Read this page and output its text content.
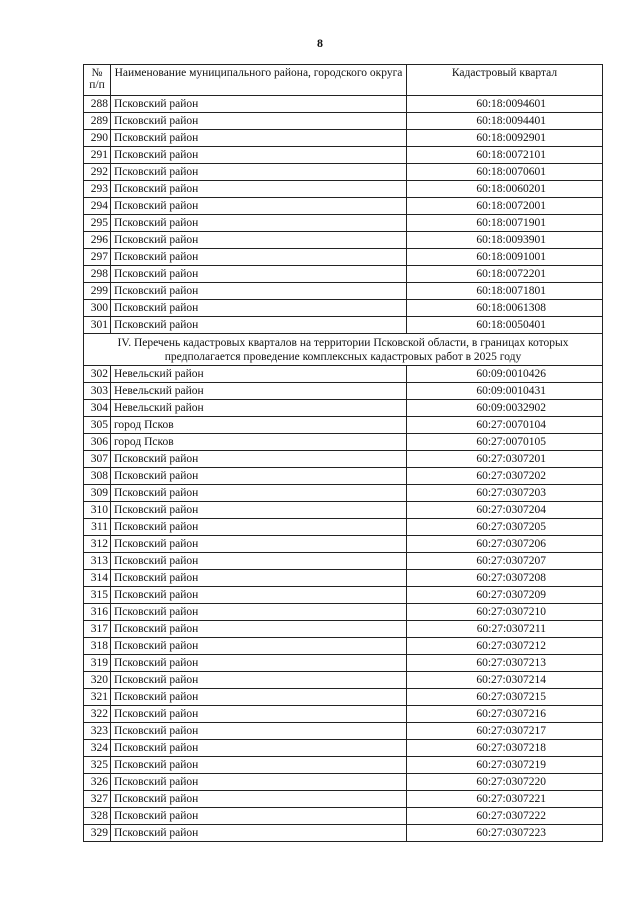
8
№ п/п	Наименование муниципального района, городского округа	Кадастровый квартал
288	Псковский район	60:18:0094601
289	Псковский район	60:18:0094401
290	Псковский район	60:18:0092901
291	Псковский район	60:18:0072101
292	Псковский район	60:18:0070601
293	Псковский район	60:18:0060201
294	Псковский район	60:18:0072001
295	Псковский район	60:18:0071901
296	Псковский район	60:18:0093901
297	Псковский район	60:18:0091001
298	Псковский район	60:18:0072201
299	Псковский район	60:18:0071801
300	Псковский район	60:18:0061308
301	Псковский район	60:18:0050401
IV. Перечень кадастровых кварталов на территории Псковской области, в границах которых предполагается проведение комплексных кадастровых работ в 2025 году		
302	Невельский район	60:09:0010426
303	Невельский район	60:09:0010431
304	Невельский район	60:09:0032902
305	город Псков	60:27:0070104
306	город Псков	60:27:0070105
307	Псковский район	60:27:0307201
308	Псковский район	60:27:0307202
309	Псковский район	60:27:0307203
310	Псковский район	60:27:0307204
311	Псковский район	60:27:0307205
312	Псковский район	60:27:0307206
313	Псковский район	60:27:0307207
314	Псковский район	60:27:0307208
315	Псковский район	60:27:0307209
316	Псковский район	60:27:0307210
317	Псковский район	60:27:0307211
318	Псковский район	60:27:0307212
319	Псковский район	60:27:0307213
320	Псковский район	60:27:0307214
321	Псковский район	60:27:0307215
322	Псковский район	60:27:0307216
323	Псковский район	60:27:0307217
324	Псковский район	60:27:0307218
325	Псковский район	60:27:0307219
326	Псковский район	60:27:0307220
327	Псковский район	60:27:0307221
328	Псковский район	60:27:0307222
329	Псковский район	60:27:0307223
